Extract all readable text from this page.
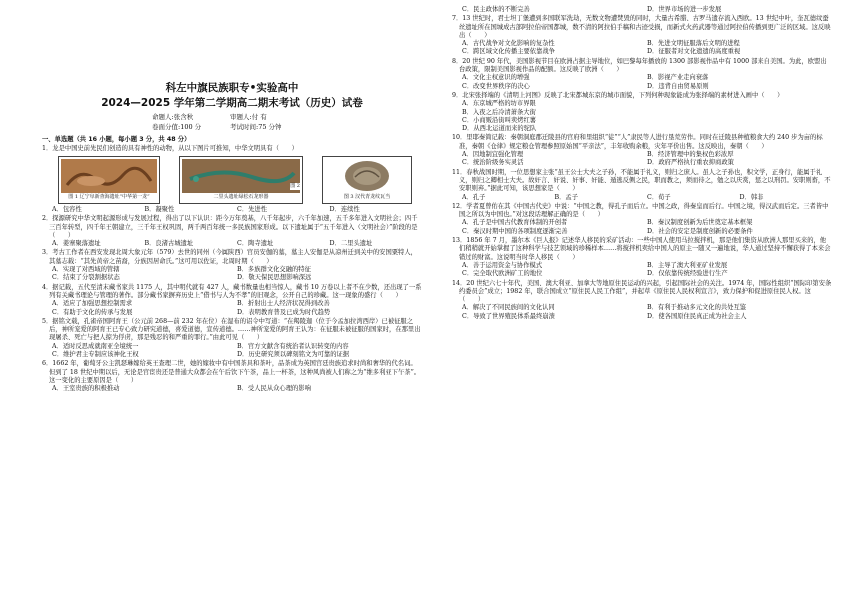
科左中旗民族职专•实验高中
2024—2025 学年第二学期高二期末考试（历史）试卷
命题人:张含秋	审题人:付 有
卷面分值:100 分	考试时间:75 分钟
一、单选题（共 16 小题，每小题 3 分，共 48 分）
1．龙是中国史前先民们创造的具有神性的动物，从以下图片可推知，中华文明具有（　　）
图 1 辽宁阜新查海遗址“中华第一龙”	二里头遗址绿松石龙形器
图 2
图 3 汉代青龙纹瓦当
A．包容性	B．凝聚性	C．先进性	D．连续性
2．探源研究中华文明起源形成与发展过程，得出了以下认识：距今万年奠基，八千年起步，六千年加速，五千多年进入文明社会；四千三百年转型，四千年王朝建立，三千年王权巩固，两千两百年统一多民族国家形成。以下遗址属于“五千年进入（文明社会）”阶段的是（　　）
A．姜寨聚落遗址	B．良渚古城遗址	C．陶寺遗址	D．二里头遗址
3．考古工作者在西安发现北周大象元年（579）去世的同州（今属陕西）官员安伽的墓，墓主人安伽是从凉州迁到关中的安国粟特人，其墓志载：“其先黄帝之苗裔，分族因居命氏。”这可用以佐证，北周时期（　　）
A．实现了对西域的管辖	B．多族群文化交融的特征
C．结束了分裂割据状态	D．敬天保民思想影响深远
4．据记载，五代至清末藏书家共 1175 人，其中明代就有 427 人，藏书数量也相当惊人，藏书 10 万卷以上者不在少数，还出现了一系列有关藏书理论与管理的著作。部分藏书家摒弃历史上“借书与人为不孝”的旧观念，公开自己的珍藏。这一现象的盛行（　　）
A．适应了加强思想控制需求	B．折射出士人经济状况得到改善
C．有助于文化的传承与发展	D．表明教育普及已成为时代趋势
5．据铭文载，孔雀帝国阿育王（公元前 268—前 232 年在位）在湿布的诏令中写道：“在羯陵迦（位于今孟加拉湾西岸）已被征服之后，神所宠爱的阿育王已专心致力研究道德，喜爱道德，宣传道德。……神所宠爱的阿育王认为：在征服未被征服的国家时，在那里出现屠杀、死亡与把人掠为俘虏，那是残忍的和严重的罪行。”由此可见（　　）
A．适时反思成就南亚全境统一	B．官方文献含有统治者认识转变的内容
C．维护君主专制应该神化王权	D．历史研究须以碑刻铭文为可靠的证据
6．1662 年，葡萄牙公主凯瑟琳嫁给英王查理二世，她的嫁妆中有中国茶具和茶叶，品茶成为英国宫廷贵族追求时尚和奢华的代名词。但到了 18 世纪中期以后，无论是官宦贵还是普通大众都会在午后饮下午茶，品上一杯茶，这种风尚被人们称之为“维多利亚下午茶”。这一变化的主要原因是（　　）
A．王室贵族的积极推动	B．受人民从众心理的影响
C．民主政体的不断完善	D．世界市场的进一步发展
7．13 世纪时，君士坦丁堡遭到多国联军洗劫，无数文物遭焚毁的同时，大量古希腊、古罗马遗存流入西欧。13 世纪中叶，奎瓦德纹蚕丝遗址所在国城成古部阿拉伯帝国都城，数不清的阿拉伯手稿和古迹受损，而新式火药武器等通过阿拉伯传播到更广泛的区域。这反映出（　　）
A．古代战争对文化影响的复杂性	B．先进文明征服落后文明的进程
C．跨区域文化传播主要依靠战争	D．征服者对文化遗遗的高度重视
8．20 世纪 90 年代，美国影视节目在欧洲占据主导地位，如巴黎每年播放的 1300 部影视作品中有 1000 部来自美国。为此，欧盟出台政策，限制美国影视作品的配额。这反映了欧洲（　　）
A．文化主权意识的增强	B．影视产业走向衰落
C．改变世界秩序的决心	D．违背自由贸易原则
9．北宋张择端的《清明上河图》反映了北宋都城东京的城市面貌，下列何种现象能成为张择端的素材进入画中（　　）
A．东京城严格的坊市界限
B．入夜之后冷清萧条大街
C．小商贩沿街叫卖烤红薯
D．从西北运道而来的驼队
10．里耶秦简记载：秦朝洞庭郡迁陵县的官府和里组织“徒”“人”隶民等人进行垦荒劳作。同时在迁陵县种植粮食大约 240 步为亩的标准，秦朝《仓律》规定粮仓管理参照原始国“平亲法”，丰年收购余粮，灾年平价出售。这反映出，秦朝（　　）
A．因地制宜强化管理	B．经济管理中的集权色彩浓厚
C．统治阶级务实灵活	D．政府严格执行重农抑商政策
11．春秋战国时期，一位思想家主张“虽王公士大夫之子孙，不能属于礼义，则归之庶人。虽人之子孙也，积文学，正身行，能属于礼义，则归之卿相士大夫。故奸言、奸说、奸事、奸能、遁逃反侧之民，职而教之，须而待之，勉之以庆赏，惩之以刑罚。安职则畜，不安职则弃。”据此可知，该思想家是（　　）
A．孔子	B．孟子	C．荀子	D．韩非
12．学者夏曾佑在其《中国古代史》中说：“中国之教，得孔子而后立。中国之政，得秦皇而后行。中国之境，得汉武而后定。三者皆中国之所以为中国也。”对这段话理解正确的是（　　）
A．孔子是中国古代教育体制的开创者	B．秦汉制度创新为后世奠定基本框架
C．秦汉时期中国的各项制度逐渐完善	D．社会的安定是制度创新的必要条件
13．1856 年 7 月，墨尔本《巨人报》记述华人移民的采矿活动：一些中国人使用马拉搅拌机，那是他们集资从欧洲人那里买来的，他们稍稍就开始掌握了这种科学与技艺领域的珍稀样本……将搅拌机卖给中国人的原主一随又一遍地说，华人通过坚持不懈获得了本来会错过的财富。这说明当时华人移民（　　）
A．善于运用资金与协作模式	B．主导了澳大利亚矿业发展
C．完全取代欧洲矿工的地位	D．仅依靠传统经验进行生产
14．20 世纪六七十年代，美国、澳大利亚、加拿大等地原住民运动的兴起，引起国际社会的关注。1974 年，国际性组织“国际印第安条约委员会”成立；1982 年，联合国成立“原住民人民工作组”，并起草《原住民人民权利宣言》，致力保护和促进原住民人权。这（　　）
A．解决了不同民族间的文化认同	B．有利于推动多元文化的共处互鉴
C．导致了世界殖民体系最终崩溃	D．使各国原住民真正成为社会主人
